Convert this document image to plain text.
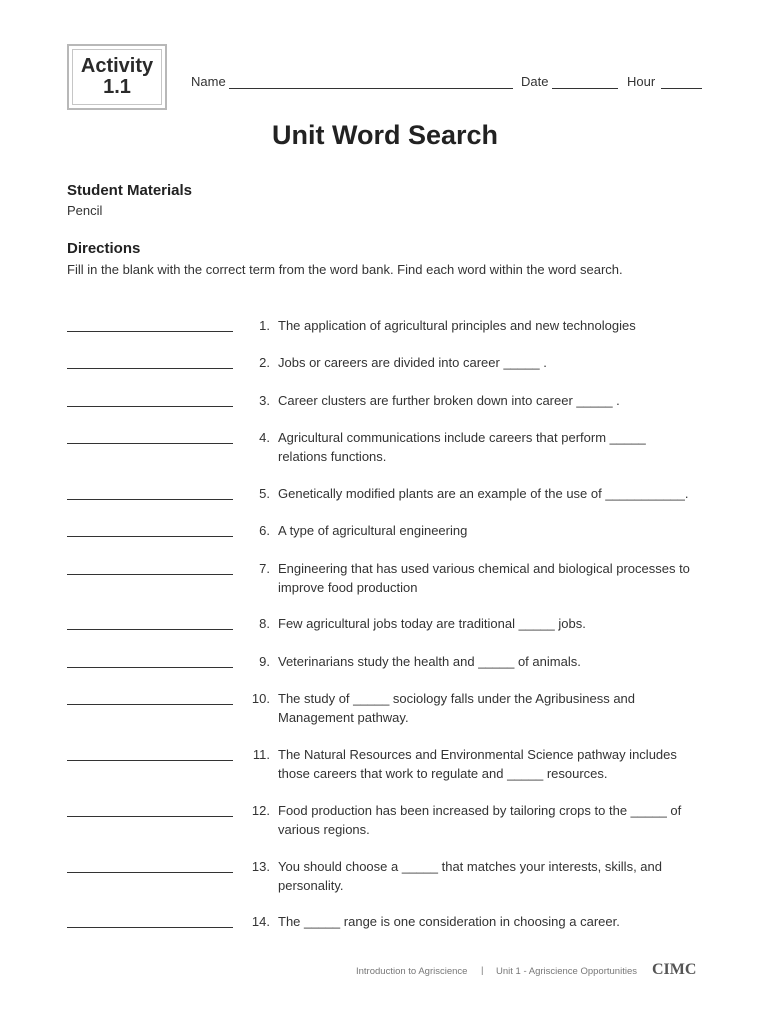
Activity
1.1	Name	Date	Hour
Unit Word Search
Student Materials
Pencil
Directions
Fill in the blank with the correct term from the word bank. Find each word within the word search.
1. The application of agricultural principles and new technologies
2. Jobs or careers are divided into career _____ .
3. Career clusters are further broken down into career _____ .
4. Agricultural communications include careers that perform _____
relations functions.
5. Genetically modified plants are an example of the use of ___________.
6. A type of agricultural engineering
7. Engineering that has used various chemical and biological processes to
improve food production
8. Few agricultural jobs today are traditional _____ jobs.
9. Veterinarians study the health and _____ of animals.
10. The study of _____ sociology falls under the Agribusiness and
Management pathway.
11. The Natural Resources and Environmental Science pathway includes
those careers that work to regulate and _____ resources.
12. Food production has been increased by tailoring crops to the _____ of
various regions.
13. You should choose a _____ that matches your interests, skills, and
personality.
14. The _____ range is one consideration in choosing a career.
Introduction to Agriscience | Unit 1 - Agriscience Opportunities CIMC
